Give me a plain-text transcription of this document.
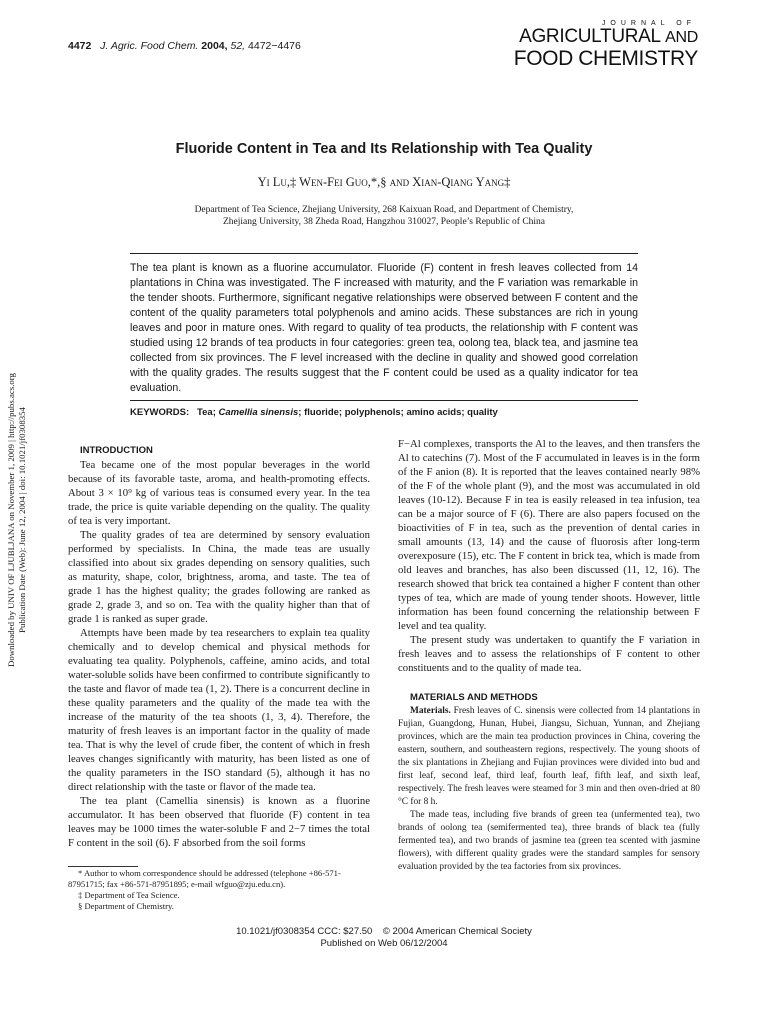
4472 J. Agric. Food Chem. 2004, 52, 4472−4476
JOURNAL OF
AGRICULTURAL AND
FOOD CHEMISTRY
Fluoride Content in Tea and Its Relationship with Tea Quality
Yi Lu,‡ Wen-Fei Guo,*,§ and Xian-Qiang Yang‡
Department of Tea Science, Zhejiang University, 268 Kaixuan Road, and Department of Chemistry,
Zhejiang University, 38 Zheda Road, Hangzhou 310027, People’s Republic of China
The tea plant is known as a fluorine accumulator. Fluoride (F) content in fresh leaves collected from 14 plantations in China was investigated. The F increased with maturity, and the F variation was remarkable in the tender shoots. Furthermore, significant negative relationships were observed between F content and the content of the quality parameters total polyphenols and amino acids. These substances are rich in young leaves and poor in mature ones. With regard to quality of tea products, the relationship with F content was studied using 12 brands of tea products in four categories: green tea, oolong tea, black tea, and jasmine tea collected from six provinces. The F level increased with the decline in quality and showed good correlation with the quality grades. The results suggest that the F content could be used as a quality indicator for tea evaluation.
KEYWORDS: Tea; Camellia sinensis; fluoride; polyphenols; amino acids; quality
Downloaded by UNIV OF LJUBLJANA on November 1, 2009 | http://pubs.acs.org Publication Date (Web): June 12, 2004 | doi: 10.1021/jf0308354	INTRODUCTION

Tea became one of the most popular beverages in the world because of its favorable taste, aroma, and health-promoting effects. About 3 × 10⁹ kg of various teas is consumed every year. In the tea trade, the price is quite variable depending on the quality. The quality of tea is very important.

The quality grades of tea are determined by sensory evaluation performed by specialists. In China, the made teas are usually classified into about six grades depending on sensory qualities, such as maturity, shape, color, brightness, aroma, and taste. The tea of grade 1 has the highest quality; the grades following are ranked as grade 2, grade 3, and so on. Tea with the quality higher than that of grade 1 is ranked as super grade.

Attempts have been made by tea researchers to explain tea quality chemically and to develop chemical and physical methods for evaluating tea quality. Polyphenols, caffeine, amino acids, and total water-soluble solids have been confirmed to contribute significantly to the taste and flavor of made tea (1, 2). There is a concurrent decline in these quality parameters and the quality of the made tea with the increase of the maturity of the tea shoots (1, 3, 4). Therefore, the maturity of fresh leaves is an important factor in the quality of made tea. That is why the level of crude fiber, the content of which in fresh leaves changes significantly with maturity, has been listed as one of the quality parameters in the ISO standard (5), although it has no direct relationship with the taste or flavor of the made tea.

The tea plant (Camellia sinensis) is known as a fluorine accumulator. It has been observed that fluoride (F) content in tea leaves may be 1000 times the water-soluble F and 2−7 times the total F content in the soil (6). F absorbed from the soil forms

F−Al complexes, transports the Al to the leaves, and then transfers the Al to catechins (7). Most of the F accumulated in leaves is in the form of the F anion (8). It is reported that the leaves contained nearly 98% of the F of the whole plant (9), and the most was accumulated in old leaves (10-12). Because F in tea is easily released in tea infusion, tea can be a major source of F (6). There are also papers focused on the bioactivities of F in tea, such as the prevention of dental caries in small amounts (13, 14) and the cause of fluorosis after long-term overexposure (15), etc. The F content in brick tea, which is made from old leaves and branches, has also been discussed (11, 12, 16). The research showed that brick tea contained a higher F content than other types of tea, which are made of young tender shoots. However, little information has been found concerning the relationship between F level and tea quality.

The present study was undertaken to quantify the F variation in fresh leaves and to assess the relationships of F content to other constituents and to the quality of made tea.

MATERIALS AND METHODS

Materials. Fresh leaves of C. sinensis were collected from 14 plantations in Fujian, Guangdong, Hunan, Hubei, Jiangsu, Sichuan, Yunnan, and Zhejiang provinces, which are the main tea production provinces in China, covering the eastern, southern, and southeastern regions, respectively. The young shoots of the six plantations in Zhejiang and Fujian provinces were divided into bud and first leaf, second leaf, third leaf, fourth leaf, fifth leaf, and sixth leaf, respectively. The fresh leaves were steamed for 3 min and then oven-dried at 80 °C for 8 h.

The made teas, including five brands of green tea (unfermented tea), two brands of oolong tea (semifermented tea), three brands of black tea (fully fermented tea), and two brands of jasmine tea (green tea scented with jasmine flowers), with different quality grades were the standard samples for sensory evaluation provided by the tea factories from six provinces.

* Author to whom correspondence should be addressed (telephone +86-571-87951715; fax +86-571-87951895; e-mail wfguo@zju.edu.cn).
‡ Department of Tea Science.
§ Department of Chemistry.
10.1021/jf0308354 CCC: $27.50    © 2004 American Chemical Society
Published on Web 06/12/2004
